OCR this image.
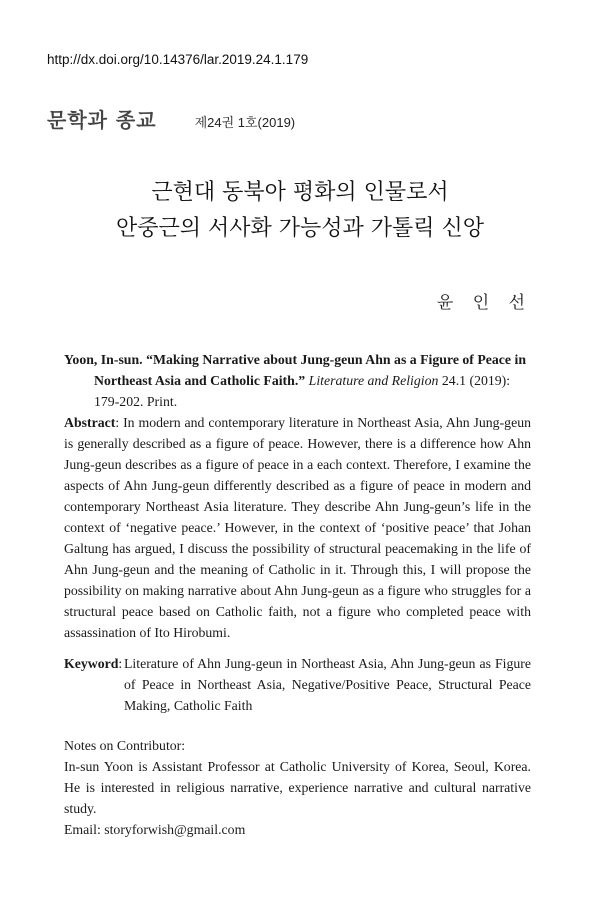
http://dx.doi.org/10.14376/lar.2019.24.1.179
문학과 종교	제24권 1호(2019)
근현대 동북아 평화의 인물로서
안중근의 서사화 가능성과 가톨릭 신앙
윤 인 선

Yoon, In-sun. “Making Narrative about Jung-geun Ahn as a Figure of Peace in

Northeast Asia and Catholic Faith.” Literature and Religion 24.1 (2019):
179-202. Print.

Abstract: In modern and contemporary literature in Northeast Asia, Ahn Jung-geun is generally described as a figure of peace. However, there is a difference how Ahn Jung-geun describes as a figure of peace in a each context. Therefore, I examine the aspects of Ahn Jung-geun differently described as a figure of peace in modern and contemporary Northeast Asia literature. They describe Ahn Jung-geun’s life in the context of ‘negative peace.’ However, in the context of ‘positive peace’ that Johan Galtung has argued, I discuss the possibility of structural peacemaking in the life of Ahn Jung-geun and the meaning of Catholic in it. Through this, I will propose the possibility on making narrative about Ahn Jung-geun as a figure who struggles for a structural peace based on Catholic faith, not a figure who completed peace with assassination of Ito Hirobumi.

Keyword: Literature of Ahn Jung-geun in Northeast Asia, Ahn Jung-geun as Figure of Peace in Northeast Asia, Negative/Positive Peace, Structural Peace Making, Catholic Faith

Notes on Contributor:

In-sun Yoon is Assistant Professor at Catholic University of Korea, Seoul, Korea. He is interested in religious narrative, experience narrative and cultural narrative study.

Email: storyforwish@gmail.com
